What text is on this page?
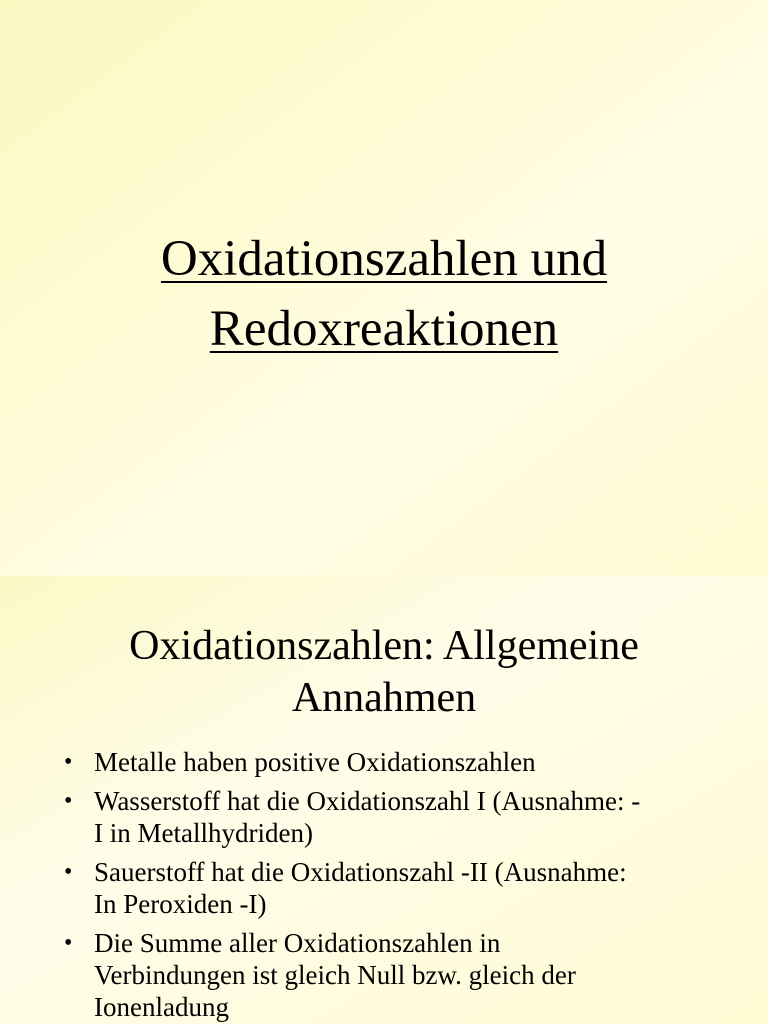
Oxidationszahlen und
Redoxreaktionen
Oxidationszahlen: Allgemeine
Annahmen
• Metalle haben positive Oxidationszahlen
• Wasserstoff hat die Oxidationszahl I (Ausnahme: -
I in Metallhydriden)
• Sauerstoff hat die Oxidationszahl -II (Ausnahme:
In Peroxiden -I)
• Die Summe aller Oxidationszahlen in
Verbindungen ist gleich Null bzw. gleich der
Ionenladung
